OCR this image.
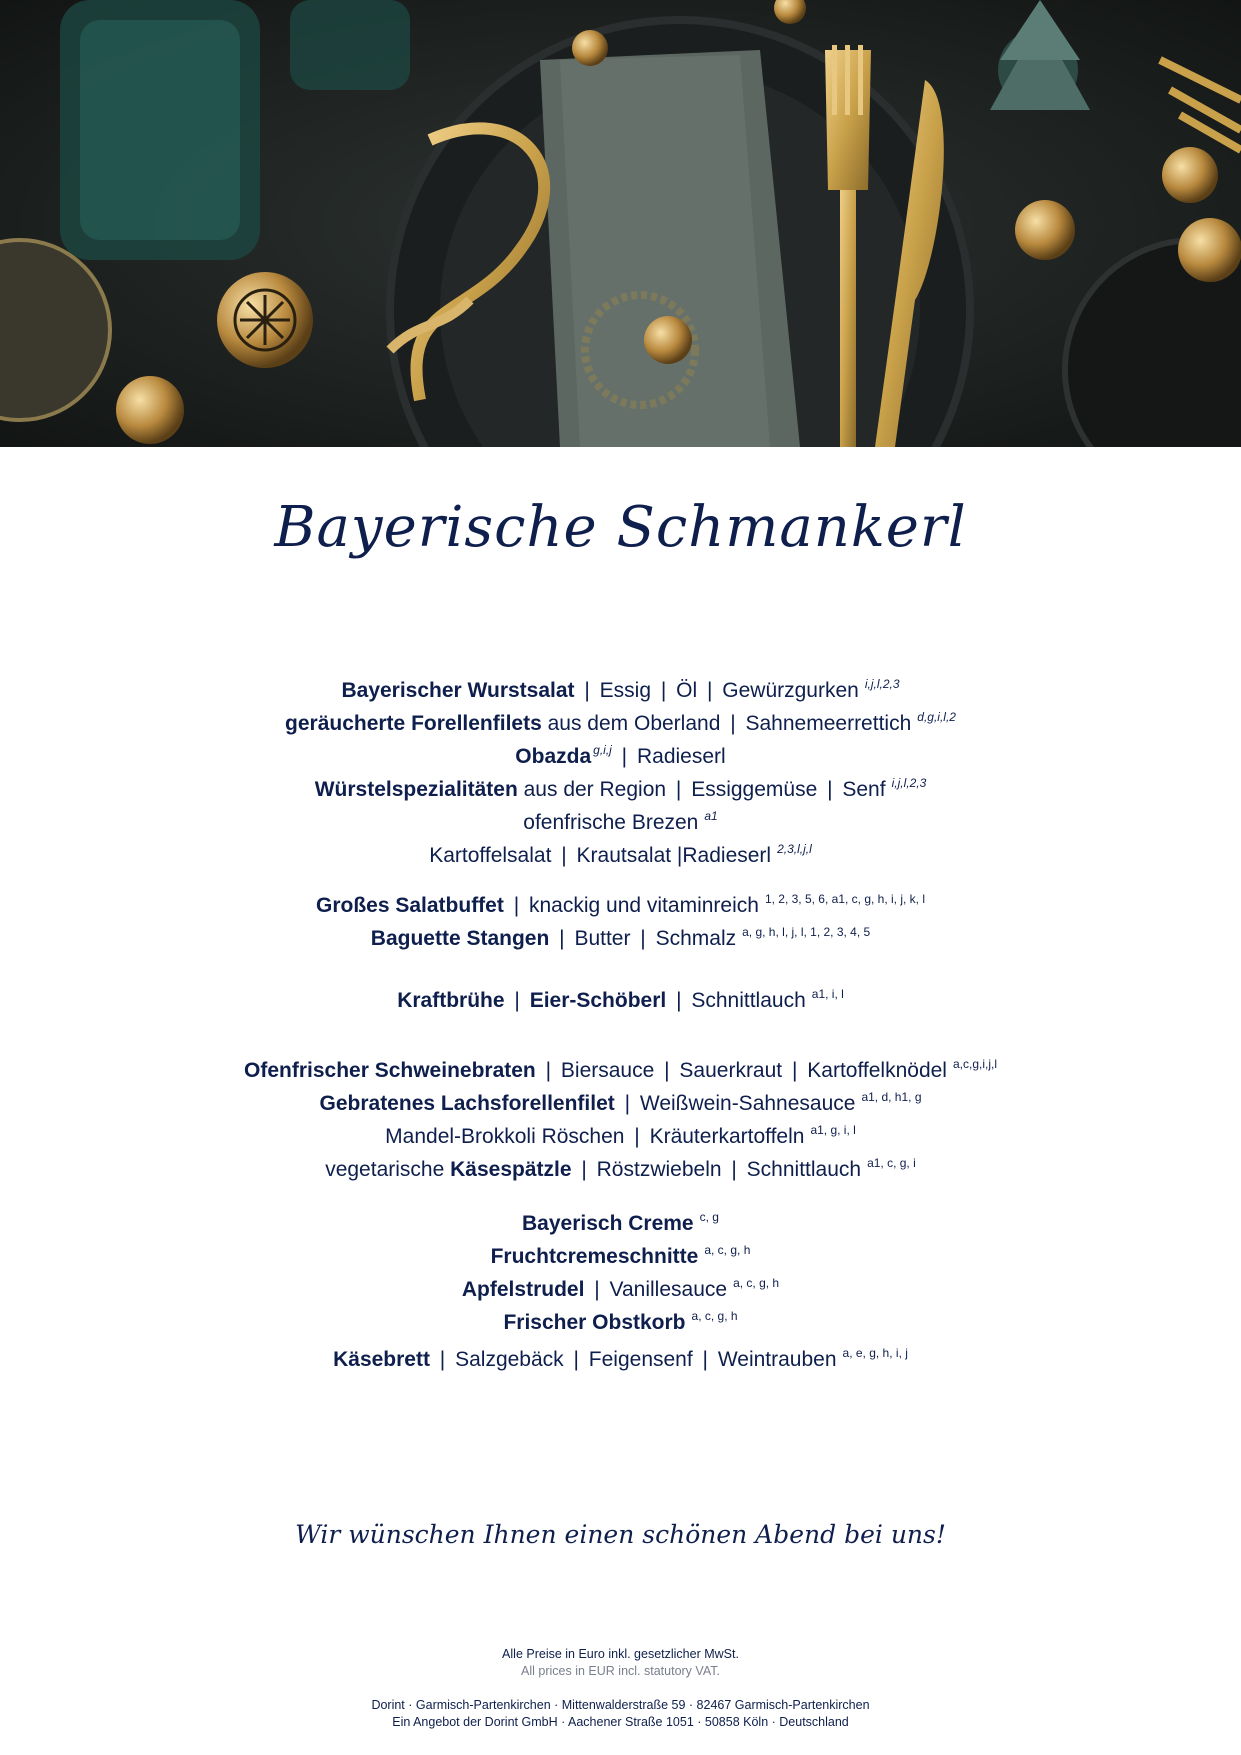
Bayerische Schmankerl
Bayerischer Wurstsalat | Essig | Öl | Gewürzgurken $^{i,j,l,2,3}$
geräucherte Forellenfilets aus dem Oberland | Sahnemeerrettich $^{d,g,i,l,2}$
Obazda $^{g,i,j}$ | Radieserl
Würstelspezialitäten aus der Region | Essiggemüse | Senf $^{i,j,l,2,3}$
ofenfrische Brezen $^{a1}$
Kartoffelsalat | Krautsalat |Radieserl $^{2,3,l,j,l}$
Großes Salatbuffet | knackig und vitaminreich $^{1, 2, 3, 5, 6, a1, c, g, h, i, j, k, l}$
Baguette Stangen | Butter | Schmalz $^{a, g, h, l, j, l, 1, 2, 3, 4, 5}$
Kraftbrühe | Eier-Schöberl | Schnittlauch $^{a1, i, l}$
Ofenfrischer Schweinebraten | Biersauce | Sauerkraut | Kartoffelknödel $^{a,c,g,i,j,l}$
Gebratenes Lachsforellenfilet | Weißwein-Sahnesauce $^{a1, d, h1, g}$
Mandel-Brokkoli Röschen | Kräuterkartoffeln $^{a1, g, i, l}$
vegetarische Käsespätzle | Röstzwiebeln | Schnittlauch $^{a1, c, g, i}$
Bayerisch Creme $^{c, g}$
Fruchtcremeschnitte $^{a, c, g, h}$
Apfelstrudel | Vanillesauce $^{a, c, g, h}$
Frischer Obstkorb $^{a, c, g, h}$
Käsebrett | Salzgebäck | Feigensenf | Weintrauben $^{a, e, g, h, i, j}$
Wir wünschen Ihnen einen schönen Abend bei uns!
Alle Preise in Euro inkl. gesetzlicher MwSt.
All prices in EUR incl. statutory VAT.
Dorint · Garmisch-Partenkirchen · Mittenwalderstraße 59 · 82467 Garmisch-Partenkirchen
Ein Angebot der Dorint GmbH · Aachener Straße 1051 · 50858 Köln · Deutschland
